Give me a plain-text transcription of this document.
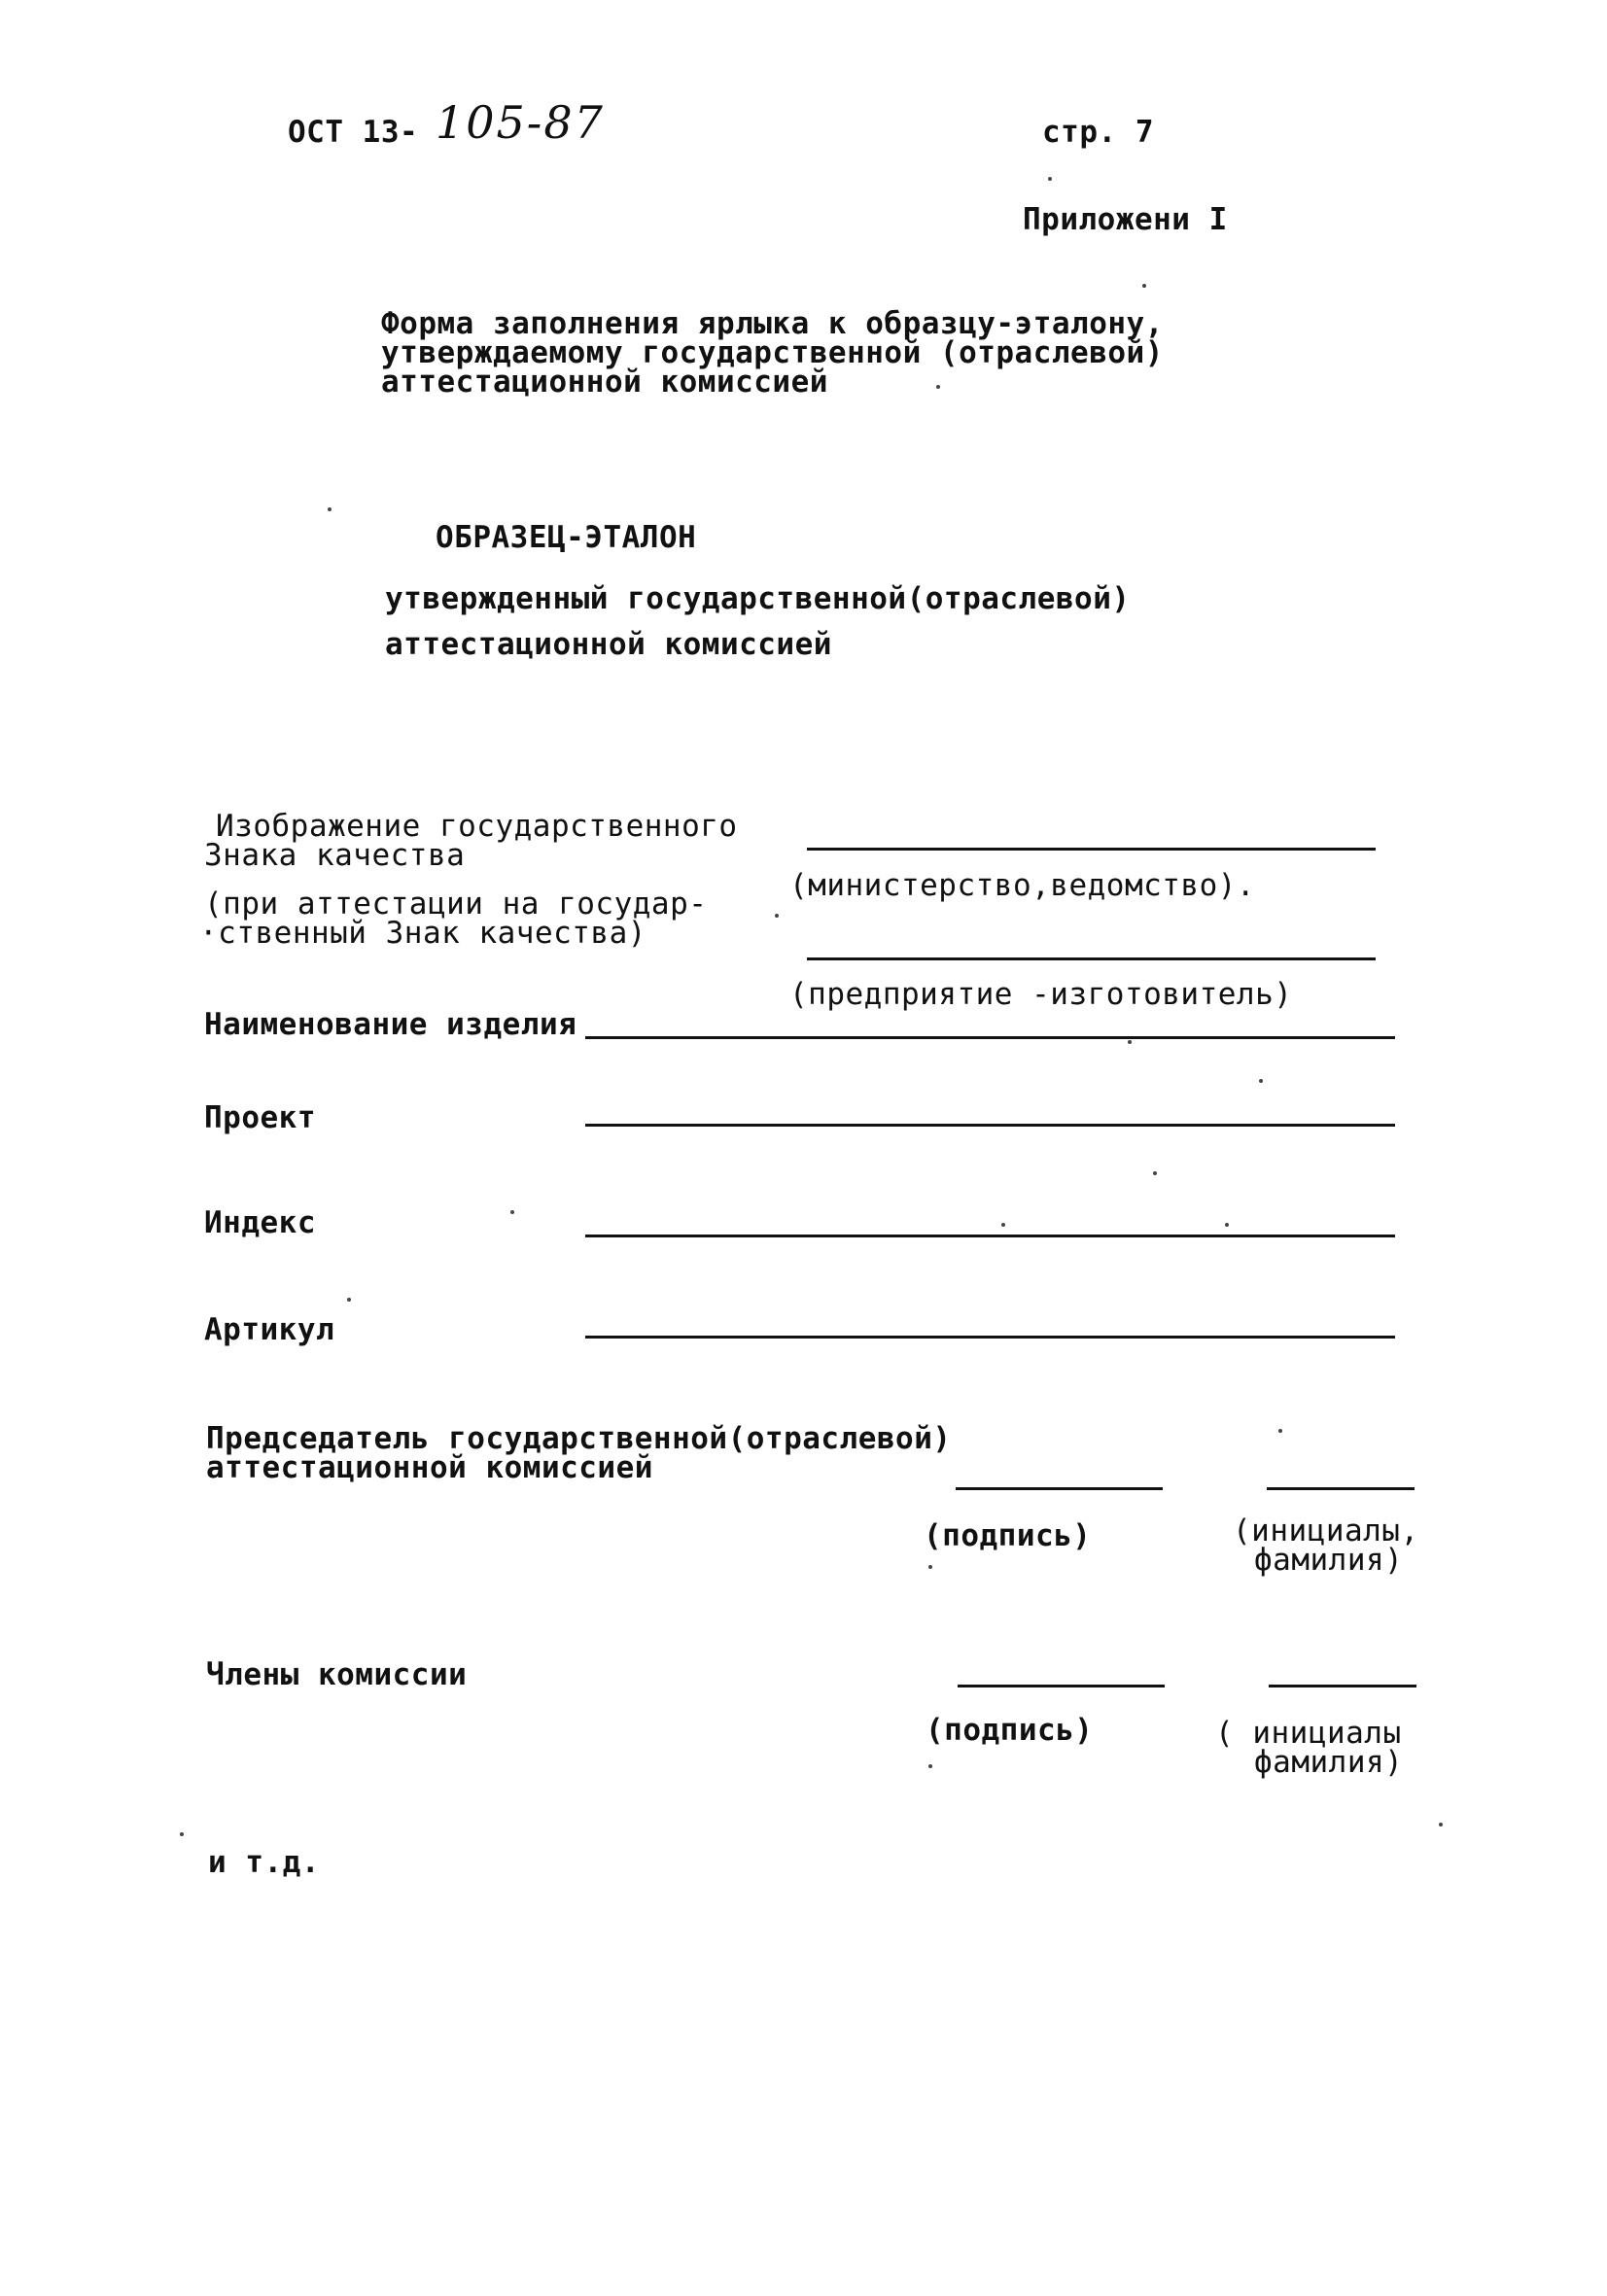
ОСТ 13- 105-87	стр. 7
Приложени I
Форма заполнения ярлыка к образцу-эталону,
утверждаемому государственной (отраслевой)
аттестационной комиссией
ОБРАЗЕЦ-ЭТАЛОН
утвержденный государственной(отраслевой)
аттестационной комиссией
Изображение государственного
Знака качества
(при аттестации на государ-
·ственный Знак качества)
(министерство,ведомство).
(предприятие -изготовитель)
Наименование изделия
Проект
Индекс
Артикул
Председатель государственной(отраслевой)
аттестационной комиссией
(подпись)	(инициалы,
фамилия)
Члены комиссии
(подпись)	( инициалы
фамилия)
и т.д.
